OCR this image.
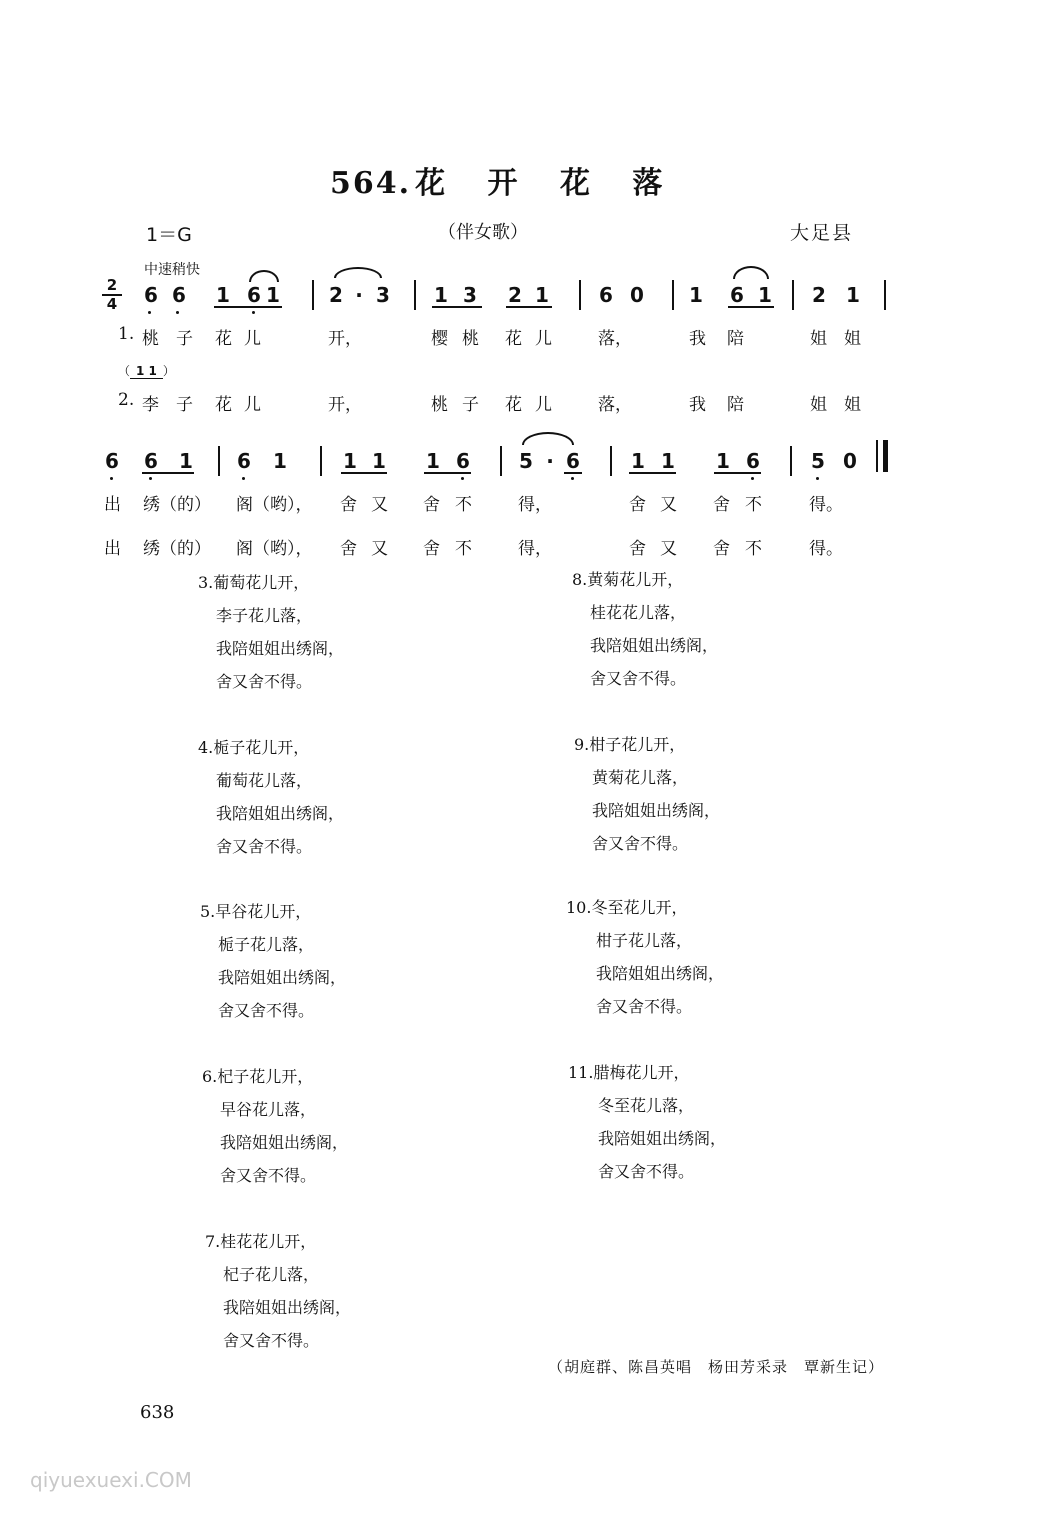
564. 花 开 花 落
1＝G	（伴女歌）	大足县
中速稍快
2
4 6 6 1 6 1 2 · 3 1 3 2 1	6 0 1 6 1 2 1
1. 桃 子 花 儿	开，	樱 桃 花 儿	落，	我 陪	姐 姐
（ 1 1 ）
2. 李 子 花 儿	开，	桃 子 花 儿	落，	我 陪	姐 姐
6 6 1 6 1	1 1 1 6 5 · 6	1 1 1 6	5 0
出 绣（的） 阁（哟）， 舍 又 舍 不	得，	舍 又 舍 不	得。
出 绣（的） 阁（哟）， 舍 又 舍 不	得，	舍 又 舍 不	得。
3.葡萄花儿开，
李子花儿落，
我陪姐姐出绣阁，
舍又舍不得。
4.栀子花儿开，
葡萄花儿落，
我陪姐姐出绣阁，
舍又舍不得。
5.早谷花儿开，
栀子花儿落，
我陪姐姐出绣阁，
舍又舍不得。
6.杞子花儿开，
早谷花儿落，
我陪姐姐出绣阁，
舍又舍不得。
7.桂花花儿开，
杞子花儿落，
我陪姐姐出绣阁，
舍又舍不得。
8.黄菊花儿开，
桂花花儿落，
我陪姐姐出绣阁，
舍又舍不得。
9.柑子花儿开，
黄菊花儿落，
我陪姐姐出绣阁，
舍又舍不得。
10.冬至花儿开，
柑子花儿落，
我陪姐姐出绣阁，
舍又舍不得。
11.腊梅花儿开，
冬至花儿落，
我陪姐姐出绣阁，
舍又舍不得。
（胡庭群、陈昌英唱　杨田芳采录　覃新生记）
638
qiyuexuexi.COM
